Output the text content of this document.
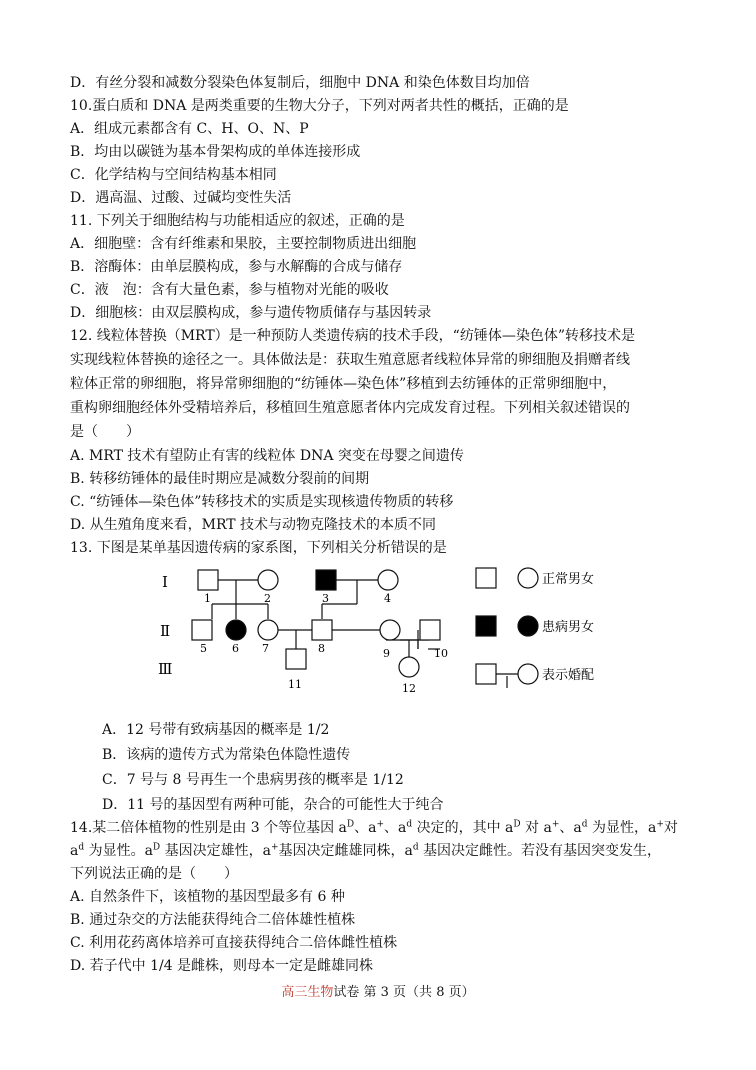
D．有丝分裂和减数分裂染色体复制后，细胞中 DNA 和染色体数目均加倍
10.蛋白质和 DNA 是两类重要的生物大分子，下列对两者共性的概括，正确的是
A．组成元素都含有 C、H、O、N、P
B．均由以碳链为基本骨架构成的单体连接形成
C．化学结构与空间结构基本相同
D．遇高温、过酸、过碱均变性失活
11. 下列关于细胞结构与功能相适应的叙述，正确的是
A．细胞壁：含有纤维素和果胶，主要控制物质进出细胞
B．溶酶体：由单层膜构成，参与水解酶的合成与储存
C．液　泡：含有大量色素，参与植物对光能的吸收
D．细胞核：由双层膜构成，参与遗传物质储存与基因转录
12. 线粒体替换（MRT）是一种预防人类遗传病的技术手段，“纺锤体—染色体”转移技术是
实现线粒体替换的途径之一。具体做法是：获取生殖意愿者线粒体异常的卵细胞及捐赠者线
粒体正常的卵细胞，将异常卵细胞的“纺锤体—染色体”移植到去纺锤体的正常卵细胞中，
重构卵细胞经体外受精培养后，移植回生殖意愿者体内完成发育过程。下列相关叙述错误的
是（　　）
A. MRT 技术有望防止有害的线粒体 DNA 突变在母婴之间遗传
B. 转移纺锤体的最佳时期应是减数分裂前的间期
C. “纺锤体—染色体”转移技术的实质是实现核遗传物质的转移
D. 从生殖角度来看，MRT 技术与动物克隆技术的本质不同
13. 下图是某单基因遗传病的家系图，下列相关分析错误的是
Ⅰ
Ⅱ
Ⅲ
1	2	3	4
5 6 7	8	9	10
11	12
正常男女
患病男女
表示婚配
A．12 号带有致病基因的概率是 1/2
B．该病的遗传方式为常染色体隐性遗传
C．7 号与 8 号再生一个患病男孩的概率是 1/12
D．11 号的基因型有两种可能，杂合的可能性大于纯合
14.某二倍体植物的性别是由 3 个等位基因 $a^D$、a+、$a^d$ 决定的，其中 $a^D$ 对 a+、$a^d$ 为显性，a+对
$a^d$ 为显性。$a^D$ 基因决定雄性，a+基因决定雌雄同株，$a^d$ 基因决定雌性。若没有基因突变发生，
下列说法正确的是（　　）
A. 自然条件下，该植物的基因型最多有 6 种
B. 通过杂交的方法能获得纯合二倍体雄性植株
C. 利用花药离体培养可直接获得纯合二倍体雌性植株
D. 若子代中 1/4 是雌株，则母本一定是雌雄同株
高三生物试卷 第 3 页（共 8 页）
